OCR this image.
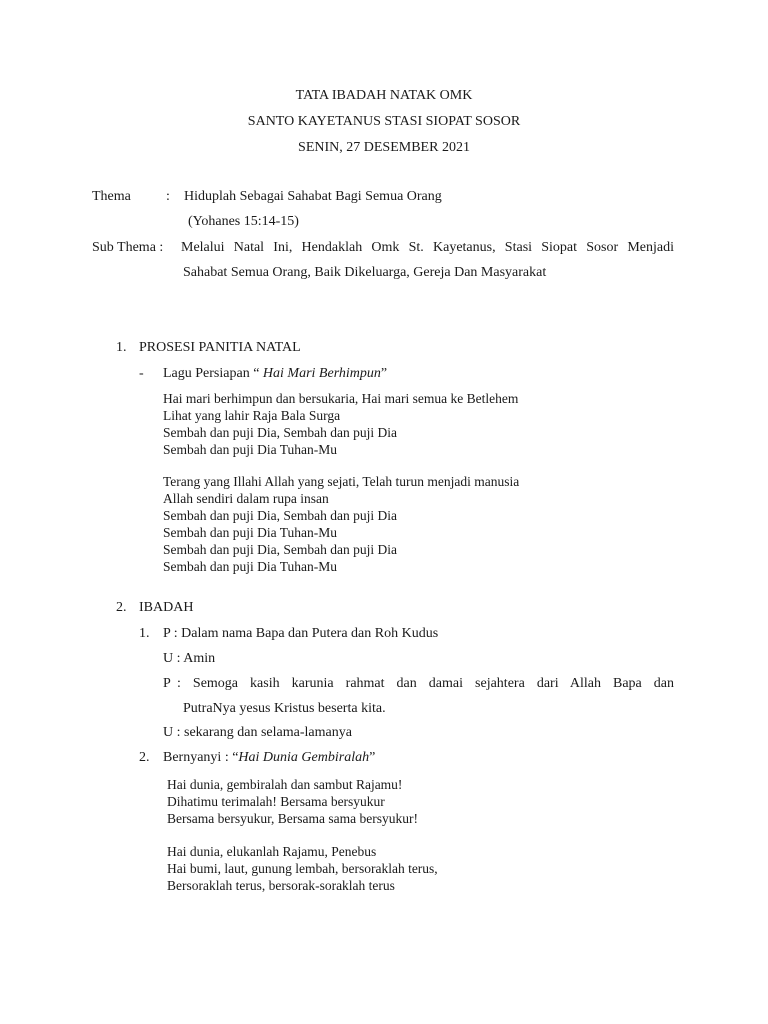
TATA IBADAH NATAK OMK
SANTO KAYETANUS STASI SIOPAT SOSOR
SENIN, 27 DESEMBER 2021
Thema	: Hiduplah Sebagai Sahabat Bagi Semua Orang
(Yohanes 15:14-15)
Sub Thema : Melalui Natal Ini, Hendaklah Omk St. Kayetanus, Stasi Siopat Sosor Menjadi
Sahabat Semua Orang, Baik Dikeluarga, Gereja Dan Masyarakat
1. PROSESI PANITIA NATAL
- Lagu Persiapan “ Hai Mari Berhimpun”
Hai mari berhimpun dan bersukaria, Hai mari semua ke Betlehem
Lihat yang lahir Raja Bala Surga
Sembah dan puji Dia, Sembah dan puji Dia
Sembah dan puji Dia Tuhan-Mu
Terang yang Illahi Allah yang sejati, Telah turun menjadi manusia
Allah sendiri dalam rupa insan
Sembah dan puji Dia, Sembah dan puji Dia
Sembah dan puji Dia Tuhan-Mu
Sembah dan puji Dia, Sembah dan puji Dia
Sembah dan puji Dia Tuhan-Mu
2. IBADAH
1. P : Dalam nama Bapa dan Putera dan Roh Kudus
U : Amin
P : Semoga kasih karunia rahmat dan damai sejahtera dari Allah Bapa dan
PutraNya yesus Kristus beserta kita.
U : sekarang dan selama-lamanya
2. Bernyanyi : “Hai Dunia Gembiralah”
Hai dunia, gembiralah dan sambut Rajamu!
Dihatimu terimalah! Bersama bersyukur
Bersama bersyukur, Bersama sama bersyukur!
Hai dunia, elukanlah Rajamu, Penebus
Hai bumi, laut, gunung lembah, bersoraklah terus,
Bersoraklah terus, bersorak-soraklah terus
